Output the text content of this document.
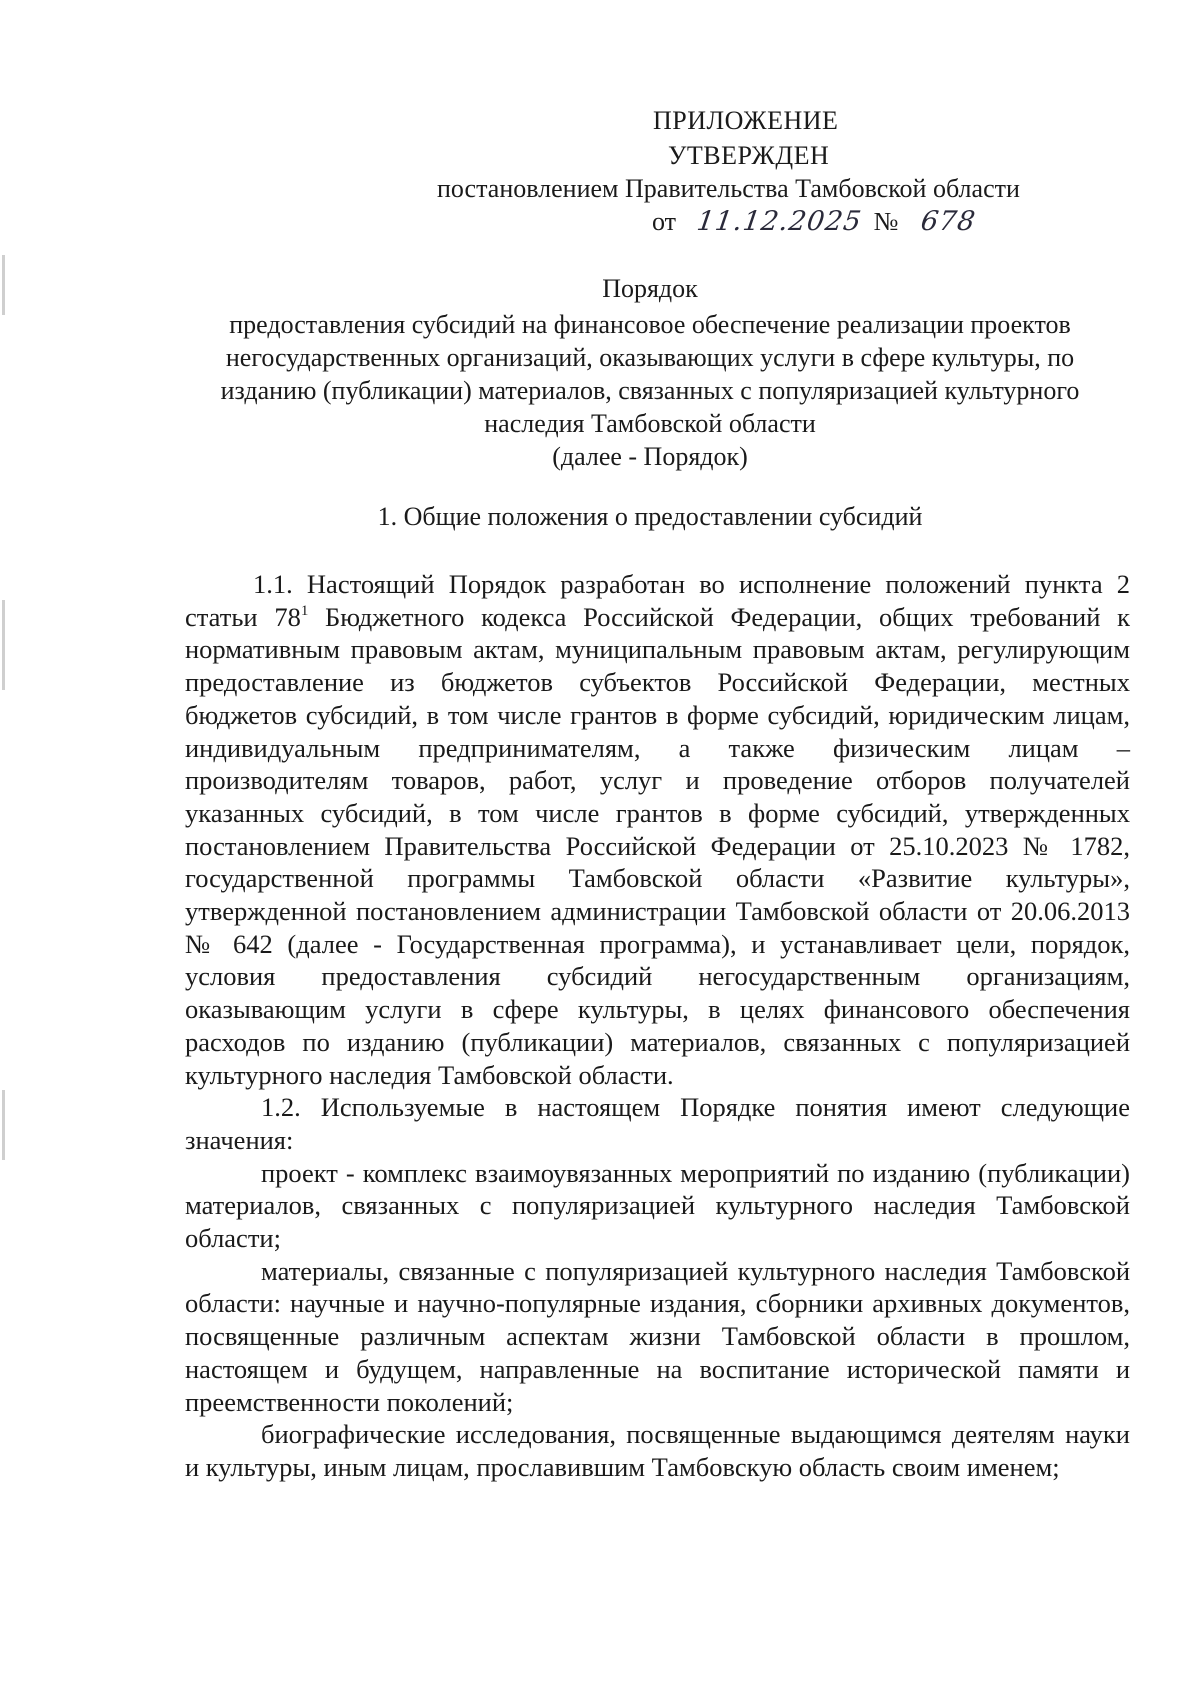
ПРИЛОЖЕНИЕ
УТВЕРЖДЕН
постановлением Правительства Тамбовской области
от 11.12.2025 № 678
Порядок
предоставления субсидий на финансовое обеспечение реализации проектов
негосударственных организаций, оказывающих услуги в сфере культуры, по
изданию (публикации) материалов, связанных с популяризацией культурного
наследия Тамбовской области
(далее - Порядок)
1. Общие положения о предоставлении субсидий

1.1. Настоящий Порядок разработан во исполнение положений пункта 2 статьи $78^1$ Бюджетного кодекса Российской Федерации, общих требований к нормативным правовым актам, муниципальным правовым актам, регулирующим предоставление из бюджетов субъектов Российской Федерации, местных бюджетов субсидий, в том числе грантов в форме субсидий, юридическим лицам, индивидуальным предпринимателям, а также физическим лицам – производителям товаров, работ, услуг и проведение отборов получателей указанных субсидий, в том числе грантов в форме субсидий, утвержденных постановлением Правительства Российской Федерации от 25.10.2023 № 1782, государственной программы Тамбовской области «Развитие культуры», утвержденной постановлением администрации Тамбовской области от 20.06.2013 № 642 (далее - Государственная программа), и устанавливает цели, порядок, условия предоставления субсидий негосударственным организациям, оказывающим услуги в сфере культуры, в целях финансового обеспечения расходов по изданию (публикации) материалов, связанных с популяризацией культурного наследия Тамбовской области.

1.2. Используемые в настоящем Порядке понятия имеют следующие значения:

проект - комплекс взаимоувязанных мероприятий по изданию (публикации) материалов, связанных с популяризацией культурного наследия Тамбовской области;

материалы, связанные с популяризацией культурного наследия Тамбовской области: научные и научно-популярные издания, сборники архивных документов, посвященные различным аспектам жизни Тамбовской области в прошлом, настоящем и будущем, направленные на воспитание исторической памяти и преемственности поколений;

биографические исследования, посвященные выдающимся деятелям науки и культуры, иным лицам, прославившим Тамбовскую область своим именем;
